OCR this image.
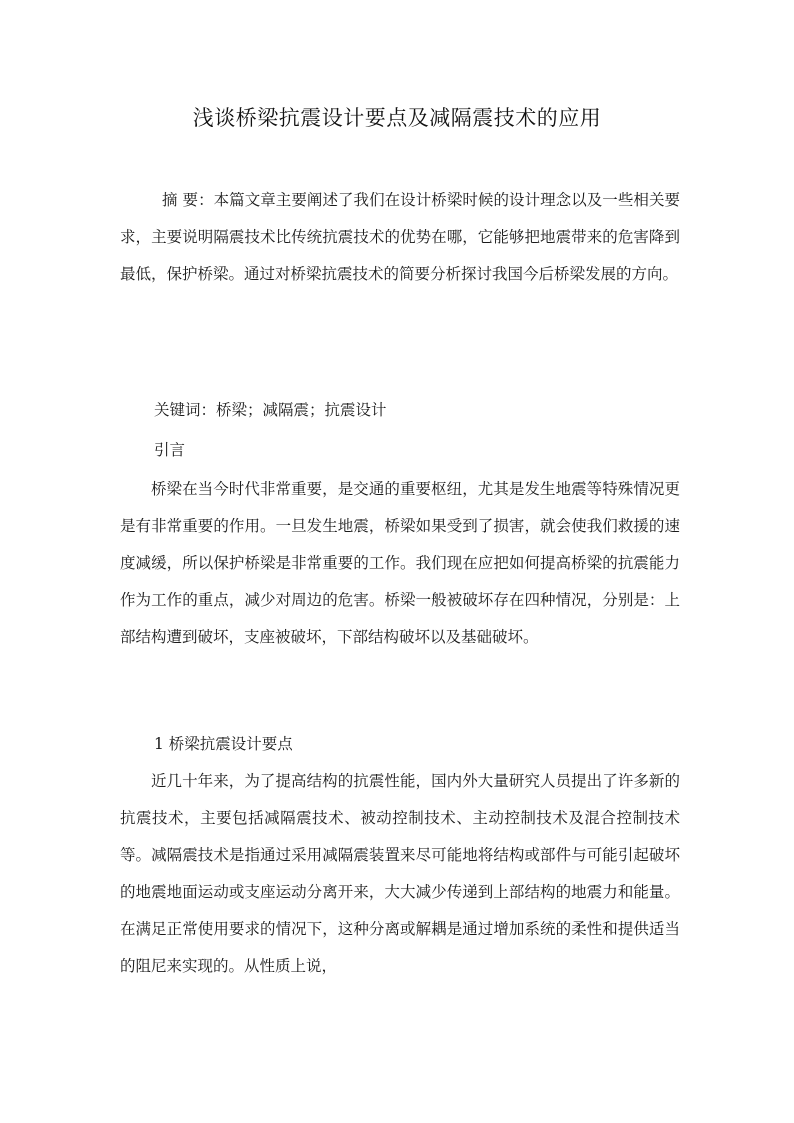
浅谈桥梁抗震设计要点及减隔震技术的应用
摘 要：本篇文章主要阐述了我们在设计桥梁时候的设计理念以及一些相关要求，主要说明隔震技术比传统抗震技术的优势在哪，它能够把地震带来的危害降到最低，保护桥梁。通过对桥梁抗震技术的简要分析探讨我国今后桥梁发展的方向。
关键词：桥梁；减隔震；抗震设计
引言
桥梁在当今时代非常重要，是交通的重要枢纽，尤其是发生地震等特殊情况更是有非常重要的作用。一旦发生地震，桥梁如果受到了损害，就会使我们救援的速度减缓，所以保护桥梁是非常重要的工作。我们现在应把如何提高桥梁的抗震能力作为工作的重点，减少对周边的危害。桥梁一般被破坏存在四种情况，分别是：上部结构遭到破坏，支座被破坏，下部结构破坏以及基础破坏。
1 桥梁抗震设计要点
近几十年来，为了提高结构的抗震性能，国内外大量研究人员提出了许多新的抗震技术，主要包括减隔震技术、被动控制技术、主动控制技术及混合控制技术等。减隔震技术是指通过采用减隔震装置来尽可能地将结构或部件与可能引起破坏的地震地面运动或支座运动分离开来，大大减少传递到上部结构的地震力和能量。在满足正常使用要求的情况下，这种分离或解耦是通过增加系统的柔性和提供适当的阻尼来实现的。从性质上说，
